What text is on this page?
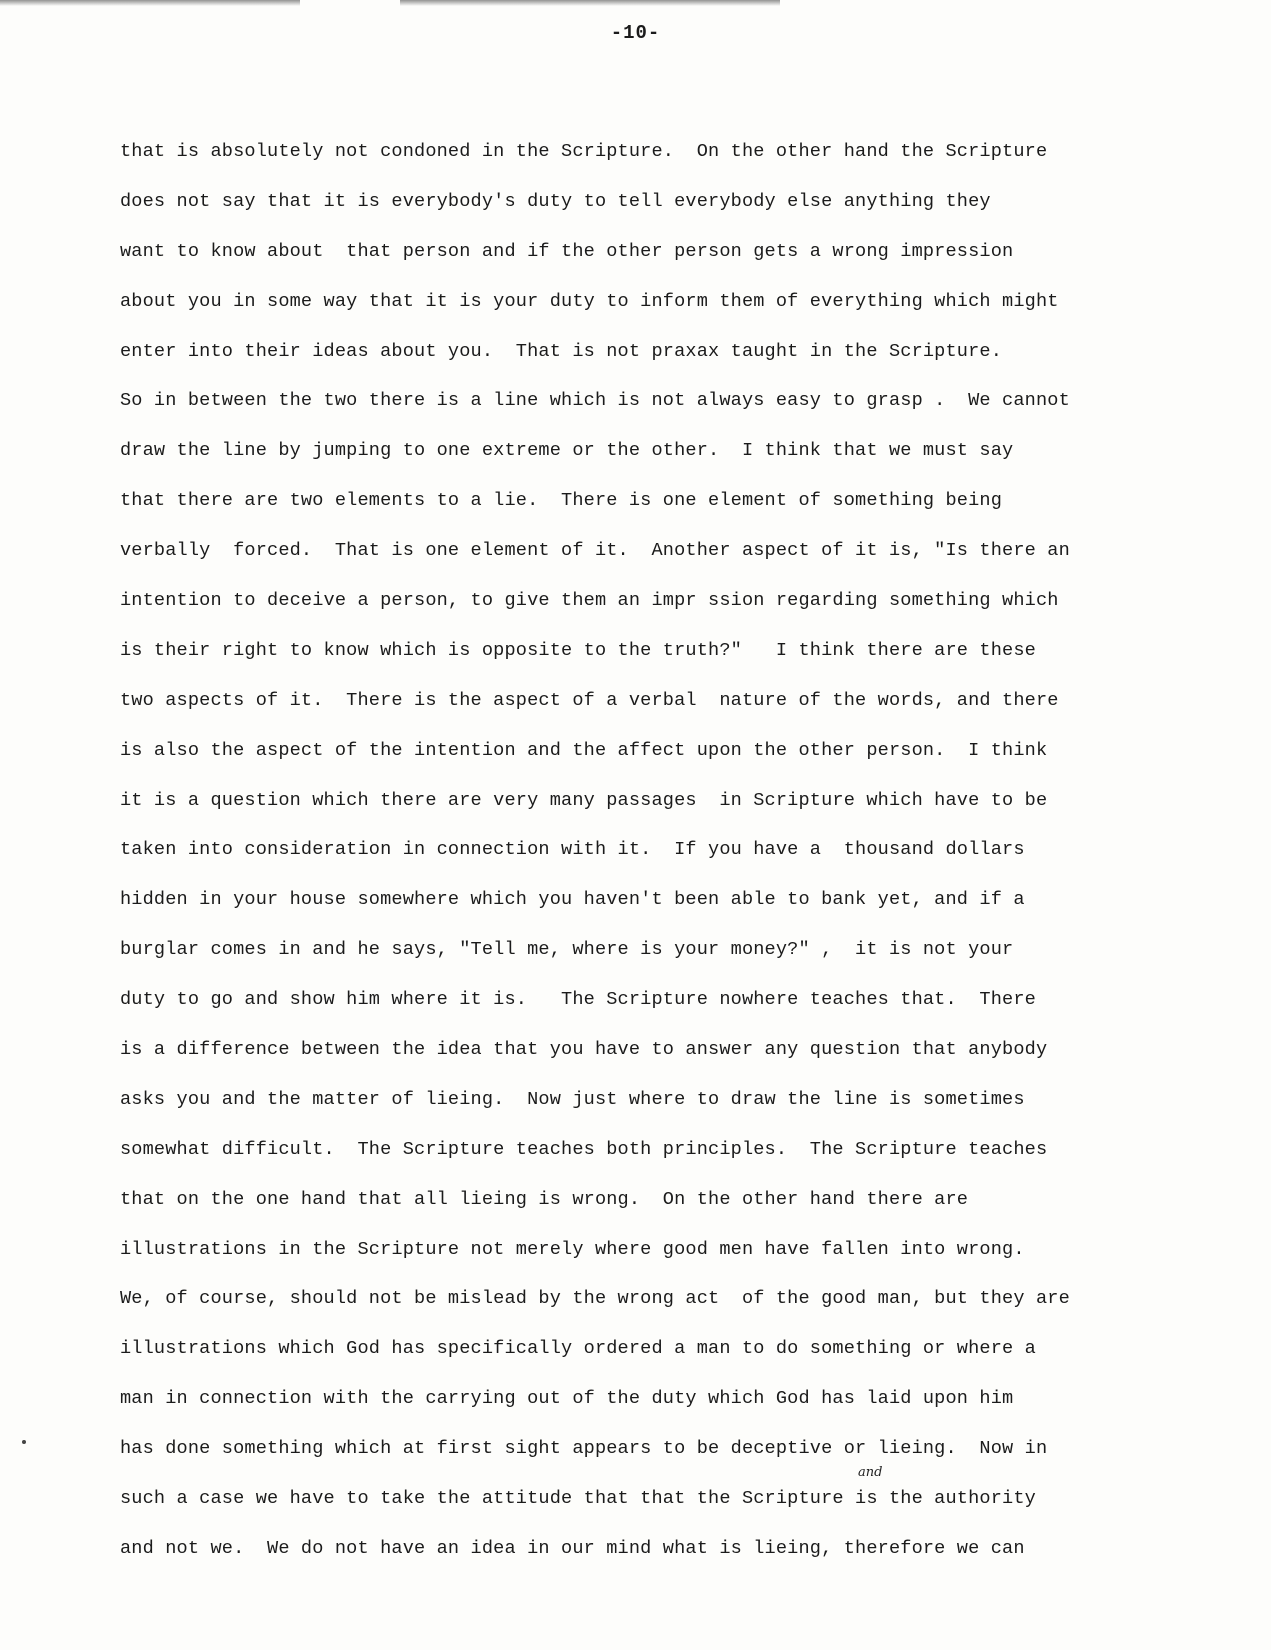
-10-
that is absolutely not condoned in the Scripture.  On the other hand the Scripture
does not say that it is everybody's duty to tell everybody else anything they
want to know about  that person and if the other person gets a wrong impression
about you in some way that it is your duty to inform them of everything which might
enter into their ideas about you.  That is not praxax taught in the Scripture.
So in between the two there is a line which is not always easy to grasp .  We cannot
draw the line by jumping to one extreme or the other.  I think that we must say
that there are two elements to a lie.  There is one element of something being
verbally  forced.  That is one element of it.  Another aspect of it is, "Is there an
intention to deceive a person, to give them an impr ssion regarding something which
is their right to know which is opposite to the truth?"   I think there are these
two aspects of it.  There is the aspect of a verbal  nature of the words, and there
is also the aspect of the intention and the affect upon the other person.  I think
it is a question which there are very many passages  in Scripture which have to be
taken into consideration in connection with it.  If you have a  thousand dollars
hidden in your house somewhere which you haven't been able to bank yet, and if a
burglar comes in and he says, "Tell me, where is your money?" ,  it is not your
duty to go and show him where it is.   The Scripture nowhere teaches that.  There
is a difference between the idea that you have to answer any question that anybody
asks you and the matter of lieing.  Now just where to draw the line is sometimes
somewhat difficult.  The Scripture teaches both principles.  The Scripture teaches
that on the one hand that all lieing is wrong.  On the other hand there are
illustrations in the Scripture not merely where good men have fallen into wrong.
We, of course, should not be mislead by the wrong act  of the good man, but they are
illustrations which God has specifically ordered a man to do something or where a
man in connection with the carrying out of the duty which God has laid upon him
has done something which at first sight appears to be deceptive or lieing.  Now in
such a case we have to take the attitude that that the Scripture is the authority
and not we.  We do not have an idea in our mind what is lieing, therefore we can
and
